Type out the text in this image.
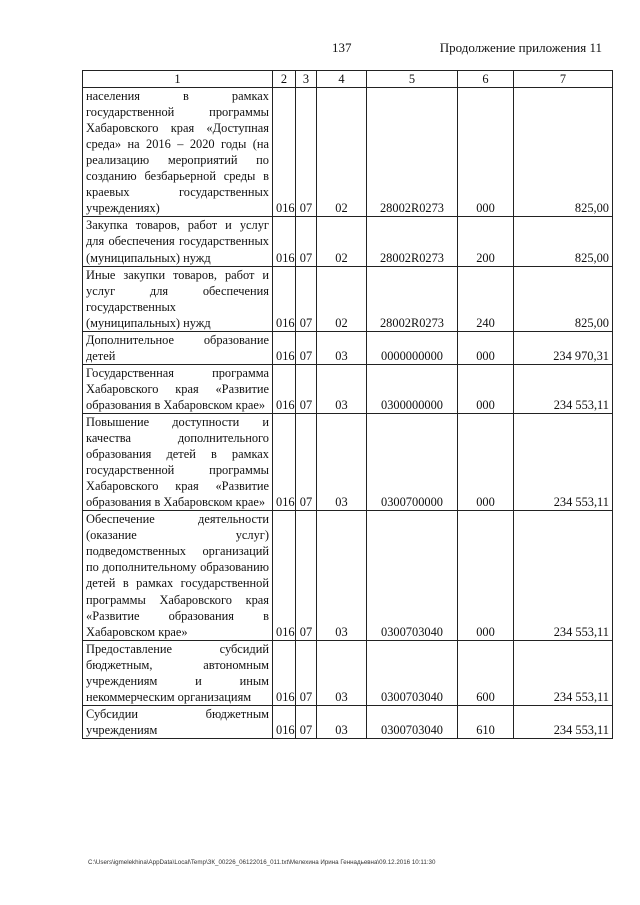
137	Продолжение приложения 11
1	2	3	4	5	6	7
населения в рамках государственной программы Хабаровского края «Доступная среда» на 2016 – 2020 годы (на реализацию мероприятий по созданию безбарьерной среды в краевых государственных учреждениях)	016	07	02	28002R0273	000	825,00
Закупка товаров, работ и услуг для обеспечения государственных (муниципальных) нужд	016	07	02	28002R0273	200	825,00
Иные закупки товаров, работ и услуг для обеспечения государственных (муниципальных) нужд	016	07	02	28002R0273	240	825,00
Дополнительное образование детей	016	07	03	0000000000	000	234 970,31
Государственная программа Хабаровского края «Развитие образования в Хабаровском крае»	016	07	03	0300000000	000	234 553,11
Повышение доступности и качества дополнительного образования детей в рамках государственной программы Хабаровского края «Развитие образования в Хабаровском крае»	016	07	03	0300700000	000	234 553,11
Обеспечение деятельности (оказание услуг) подведомственных организаций по дополнительному образованию детей в рамках государственной программы Хабаровского края «Развитие образования в Хабаровском крае»	016	07	03	0300703040	000	234 553,11
Предоставление субсидий бюджетным, автономным учреждениям и иным некоммерческим организациям	016	07	03	0300703040	600	234 553,11
Субсидии бюджетным учреждениям	016	07	03	0300703040	610	234 553,11
C:\Users\igmelekhina\AppData\Local\Temp\ЗК_00226_06122016_011.txt\Мелехина Ирина Геннадьевна\09.12.2016 10:11:30
